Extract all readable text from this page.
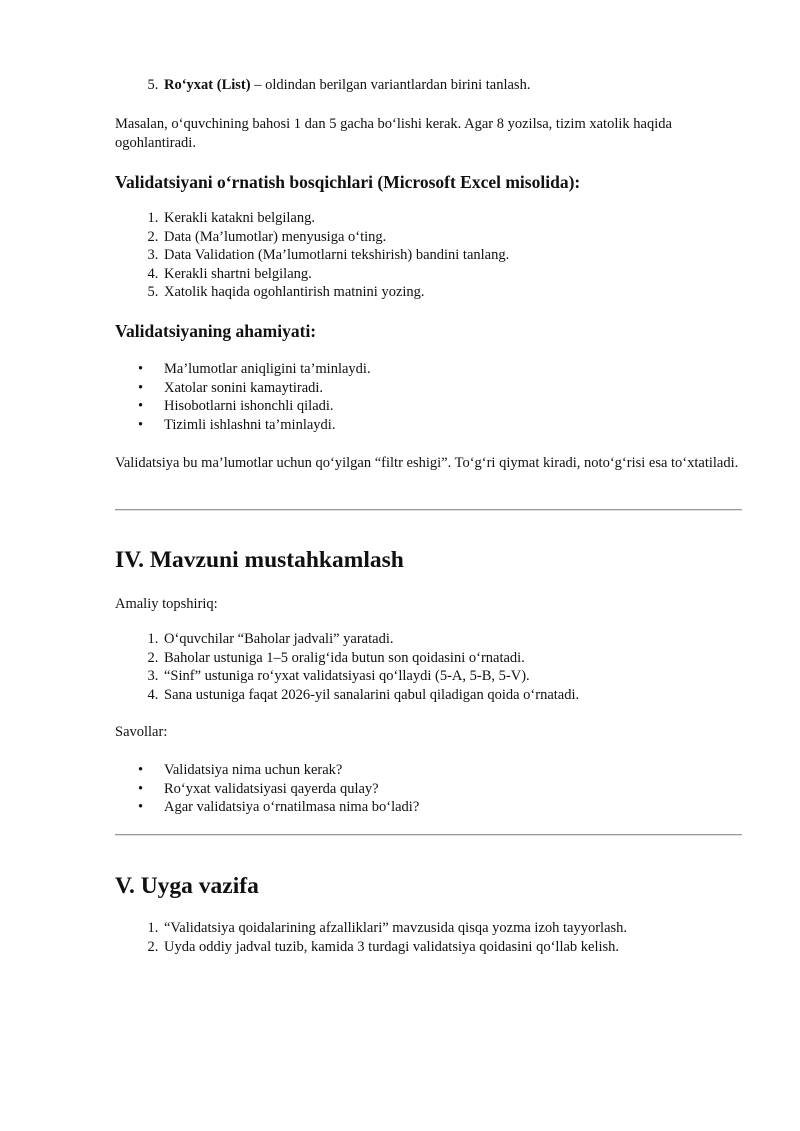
5. Ro‘yxat (List) – oldindan berilgan variantlardan birini tanlash.

Masalan, o‘quvchining bahosi 1 dan 5 gacha bo‘lishi kerak. Agar 8 yozilsa, tizim xatolik haqida ogohlantiradi.

Validatsiyani o‘rnatish bosqichlari (Microsoft Excel misolida):
1. Kerakli katakni belgilang.
2. Data (Ma’lumotlar) menyusiga o‘ting.
3. Data Validation (Ma’lumotlarni tekshirish) bandini tanlang.
4. Kerakli shartni belgilang.
5. Xatolik haqida ogohlantirish matnini yozing.
Validatsiyaning ahamiyati:
• Ma’lumotlar aniqligini ta’minlaydi.
• Xatolar sonini kamaytiradi.
• Hisobotlarni ishonchli qiladi.
• Tizimli ishlashni ta’minlaydi.

Validatsiya bu ma’lumotlar uchun qo‘yilgan “filtr eshigi”. To‘g‘ri qiymat kiradi, noto‘g‘risi esa to‘xtatiladi.

IV. Mavzuni mustahkamlash

Amaliy topshiriq:

1. O‘quvchilar “Baholar jadvali” yaratadi.
2. Baholar ustuniga 1–5 oralig‘ida butun son qoidasini o‘rnatadi.
3. “Sinf” ustuniga ro‘yxat validatsiyasi qo‘llaydi (5-A, 5-B, 5-V).
4. Sana ustuniga faqat 2026-yil sanalarini qabul qiladigan qoida o‘rnatadi.

Savollar:

• Validatsiya nima uchun kerak?
• Ro‘yxat validatsiyasi qayerda qulay?
• Agar validatsiya o‘rnatilmasa nima bo‘ladi?
V. Uyga vazifa
1. “Validatsiya qoidalarining afzalliklari” mavzusida qisqa yozma izoh tayyorlash.
2. Uyda oddiy jadval tuzib, kamida 3 turdagi validatsiya qoidasini qo‘llab kelish.
